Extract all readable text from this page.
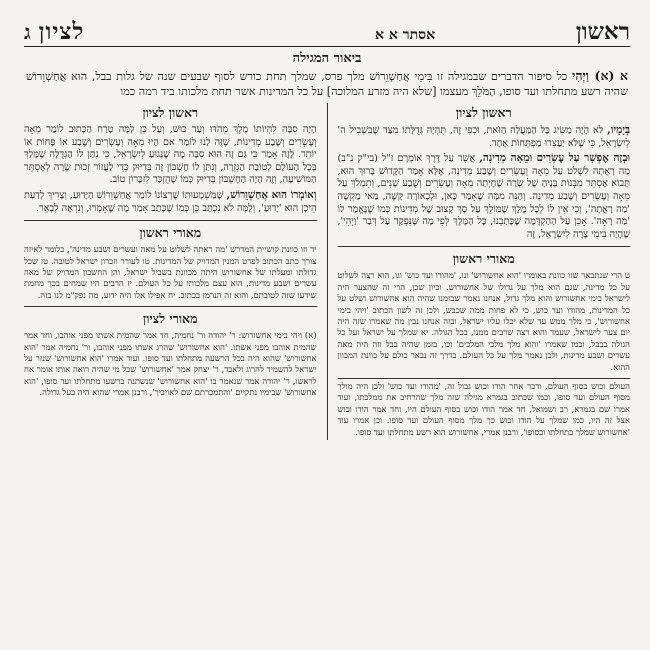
ראשון
אסתר א א
לציון
ג
ביאור המגילה
א (א) וַיְהִי כל סיפור הדברים שבמגילה זו בִּימֵי אֲחַשְׁוֵרוֹשׁ מלך פרס, שמלך תחת כורש לסוף שבעים שנה של גלות בבל, הוּא אֲחַשְׁוֵרוֹשׁ שהיה רשע מתחלתו ועד סופו, הַמֹּלֵךְ מעצמו [שלא היה מזרע המלוכה] על כל המדינות אשר תחת מלכותו ביד רמה כמו
ראשון לציון

בְּיָמָיו, לא הָיָה מַשִּׂיג כָּל הַמַּעֲלָה הַזֹּאת, וּכְפִי זֶה, תִּהְיֶה גְּדֻלָּתוֹ מִצַּד שֶׁבִּשְׁבִיל ה' לְיִשְׂרָאֵל, כִּי שֶׁלֹּא יַעַצְרוּ מַפְתְּחוֹת אֶחָד.

וּבְזֶה אֶפְשָׁר עַל עֶשְׂרִים וּמֵאָה מְדִינָה, אֲשֶׁר עַל דֶּרֶךְ אוֹמְרָם ז"ל (בי"ק נ"ב) מַה רָאֲתָה לִשְׁלֹט עַל מֵאָה וְעֶשְׂרִים וְשֶׁבַע מְדִינָה, אֶלָּא אָמַר הַקָּדוֹשׁ בָּרוּךְ הוּא, תָּבוֹא אֶסְתֵּר מִבְּנוֹת בָּנֶיהָ שֶׁל שָׂרָה שֶׁחָיְתָה מֵאָה וְעֶשְׂרִים וְשֶׁבַע שָׁנִים, וְתִמְלֹךְ עַל מֵאָה וְעֶשְׂרִים וְשֶׁבַע מְדִינָה. וְהַנֵּה מִמָּה שֶׁאָמַר כָּאן, וּלְכָאוֹרָה קָשֶׁה, מַאי מַקְשֶׁה 'מַה רָאֲתָה', וְכִי אֵין לוֹ לְכָל מֶלֶךְ שֶׁמּוֹלֵךְ עַל סָךְ קָצוּב שֶׁל מְדִינוֹת כְּמוֹ שֶׁנֶּאֱמַר לוֹ 'מַה רָאָה'. אָכֵן עַל הַהַקְדָּמָה שֶׁכָּתַבְנוּ, כָּל הַמֶּלֶךְ לְפִי מַה שֶּׁנִּפְקַד עַל דְּבַר 'וַיְהִי', שֶׁהָיָה בִּימֵי צָרָה לְיִשְׂרָאֵל, זֶה

מאורי ראשון

ט הרי שנתבאר שזו כוונת באומרו 'הוא אחשורוש' ונו, 'מהודו ועד כוש' וגו, הוא רצה לשלוט על כל מדינה, שגם הוא מלך על גדולו של אחשורוש. וכיון שכן, הרי זה שהצער היה לישראל בימי אחשורוש והוא מלך גדול, אנחנו נאמר שבזמנו שהיה הוא אחשורוש ושלט על כל המדינות, מהודו ועד כוש, כי לא פחות ממה שכבש, ולכן זה לשון הכתוב 'ויהי בימי אחשורוש', כי מלך ממש עד שלא יכלו עליו ישראל, ובזה אנחנו נבין מה שאמרו שזה היה יום צער לישראל, שעמד והוא רצה שרבים ממנו, בכל הגולה. יא שמלך על ישראל ועל כל הגולה בבבל, וכמו שאמרו 'והוא מלך מלכי המלכים' וכו, בזמן שהיה בבל וזה היה מאה עשרים ושבע מדינות, ולכן נאמר מלך על כל העולם. בדרך זה נבאר כולם על כוונת המכוון ההוא.

העולם וכוש בסוף העולם, ודבר אחר הודו וכוש גבול זה, 'מהודו ועד כוש' ולכן היה מולך מסוף העולם ועד סופו, וכמו שכתוב בגמרא מגילה שזה מלך שהרחיב את ממלכתו, ועוד אמרו שם בגמרא, רב ושמואל, חד אמר הודו וכוש בסוף העולם היו, וחד אמר הודו וכוש אצל זה היו, כמו שמלך על הודו וכוש כך מלך מסוף העולם ועד סופו. וכן אמרו עוד 'אחשורוש שמלך בתחלתו ובסופו', ורבנן אמרי, אחשורוש הוא רשע מתחלתו ועד סופו.

ראשון לציון

הָיָה סִבָּה לִהְיוֹתוֹ מֶלֶךְ מֵהֹדּוּ וְעַד כּוּשׁ, וְעַל כֵּן לָמָּה טָרַח הַכָּתוּב לוֹמַר מֵאָה וְעֶשְׂרִים וְשֶׁבַע מְדִינוֹת, שֶׁזֶּה לָנוּ לוֹמַר אִם הָיוּ מֵאָה וְעֶשְׂרִים וְשֶׁבַע אוֹ פָּחוֹת אוֹ יוֹתֵר. לָזֶה אָמַר כִּי גַּם זֶה הוּא סִבָּה מָה שֶׁנָּגוּעַ לְיִשְׂרָאֵל, כִּי נִתַּן לוֹ הַגְּדֻלָּה שֶׁמָּלַךְ בְּכָל הָעוֹלָם לְטוֹבַת הַגְּזֵרָה, וְנִתַּן לוֹ חֶשְׁבּוֹן זֶה בְּדִיּוּק כְּדֵי לַעֲזוֹר זְכוּת שָׂרָה לְאֶסְתֵּר הַמּוֹשִׁיעָה, וְזֶה הָיָה הַחֶשְׁבּוֹן בְּדִיּוּק כְּמוֹ שֶׁהֻזְכַּר לְזִכָּרוֹן טוֹב.

וְאוֹמְרוֹ הוּא אֲחַשְׁוֵרוֹשׁ, שֶׁמַּשְׁמָעוּתוֹ שֶׁרְצוֹנוֹ לוֹמַר אֲחַשְׁוֵרוֹשׁ הַיָּדוּעַ, וְצָרִיךְ לָדַעַת הֵיכָן הוּא 'יָדוּעַ', וְלָמָּה לֹא נִכְתַּב כֵּן כְּמוֹ שֶׁכָּתַב אָמַר מָה שֶׁאָמְרוּ, וְנִרְאֶה לְבָאֵר.

מאורי ראשון

יד וזו כוונת קושיית המדרש 'מה ראתה לשלוט על מאה ועשרים ושבע מדינה', כלומר לאיזה צורך כתב הכתוב לפרט המנין המדויק של המדינות. טו לעורר וזכרון ישראל לטובה. טז שכל גדולתו ומעלתו של אחשורוש היתה מכוונת בשביל ישראל, והן החשבון המדויק של מאה עשרים ושבע מדינות, הוא עצם מלכותו על כל העולם. יז הרבים היו שמחים בכך מחמת שידעו שזה לטובתם, והוא זה הנרמז בכתוב. יח אפילו אלו היה ידוע, מה נפק"מ לנו בזה.

מאורי לציון

(א) ויהי בימי אחשורוש: ר' יהודה ור' נחמיה, חד אמר שהמית אשתו מפני אוהבו, וחד אמר שהמית אוהבו מפני אשתו. 'הוא אחשורוש' שהרג אשתו מפני אוהבו, ור' נחמיה אמר 'הוא אחשורוש' שהוא היה בכל הרשעה מתחלתו ועד סופו. ועוד אמרו 'הוא אחשורוש' שנזר על ישראל להשמיד להרוג ולאבד, ר' יצחק אמר 'אחשורוש' שכל מי שהיה רואה אותו אומר אח לראשו, ר' יהודה אמר שנאמר בו 'הוא אחשורוש' שנשתנה ברשעו מתחלתו ועד סופו, 'הוא אחשורוש' שבימיו נתקיים 'והתמכרתם שם לאויביך', ורבנן אמרי שהוא היה בעל גדולה.
